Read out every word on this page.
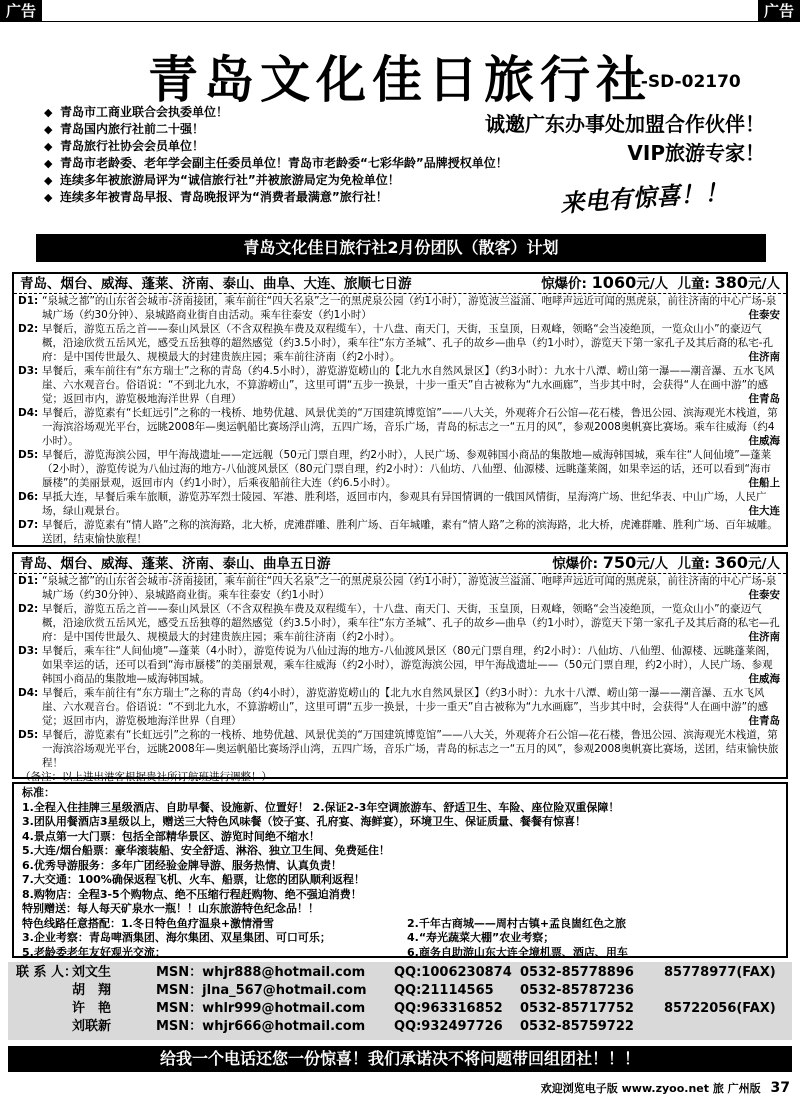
广告	广告
青岛文化佳日旅行社
L-SD-02170
◆ 青岛市工商业联合会执委单位！
◆ 青岛国内旅行社前二十强！
◆ 青岛旅行社协会会员单位！
◆ 青岛市老龄委、老年学会副主任委员单位！青岛市老龄委“七彩华龄”品牌授权单位！
◆ 连续多年被旅游局评为“诚信旅行社”并被旅游局定为免检单位！
◆ 连续多年被青岛早报、青岛晚报评为“消费者最满意”旅行社！
诚邀广东办事处加盟合作伙伴！
VIP旅游专家！
来电有惊喜！！
青岛文化佳日旅行社2月份团队（散客）计划
青岛、烟台、威海、蓬莱、济南、泰山、曲阜、大连、旅顺七日游	惊爆价: 1060元/人 儿童: 380元/人
D1: “泉城之都”的山东省会城市-济南接团，乘车前往“四大名泉”之一的黑虎泉公园（约1小时），游览波兰溢涌、咆哮声远近可闻的黑虎泉，前往济南的中心广场-泉城广场（约30分钟）、泉城路商业街自由活动。乘车往泰安（约1小时）	住泰安
D2: 早餐后，游览五岳之首——泰山风景区（不含双程换车费及双程缆车），十八盘、南天门，天街，玉皇顶，日观峰，领略“会当凌绝顶，一览众山小”的豪迈气概，沿途欣赏五岳风光，感受五岳独尊的超然感觉（约3.5小时），乘车往“东方圣城”、孔子的故乡—曲阜（约1小时），游览天下第一家孔子及其后裔的私宅-孔府：是中国传世最久、规模最大的封建贵族庄园；乘车前往济南（约2小时）。	住济南
D3: 早餐后，乘车前往有“东方瑞士”之称的青岛（约4.5小时），游览游览崂山的【北九水自然风景区】（约3小时）：九水十八潭、崂山第一瀑——潮音瀑、五水飞风崖、六水观音台。俗语说：“不到北九水，不算游崂山”，这里可谓“五步一换景，十步一重天”自古被称为“九水画廊”，当步其中时，会获得“人在画中游”的感觉；返回市内，游览极地海洋世界（自理）	住青岛
D4: 早餐后，游览素有“长虹远引”之称的一栈桥、地势优越、风景优美的“万国建筑博览馆”——八大关，外观蒋介石公馆—花石楼，鲁迅公园、滨海观光木栈道，第一海滨浴场观光平台，远眺2008年—奥运帆船比赛场浮山湾，五四广场，音乐广场，青岛的标志之一“五月的风”，参观2008奥帆赛比赛场。乘车往威海（约4小时）。	住威海
D5: 早餐后，游览海滨公园，甲午海战遗址——定远舰（50元门票自理，约2小时），人民广场、参观韩国小商品的集散地—威海韩国城，乘车往“人间仙境”—蓬莱（2小时），游览传说为八仙过海的地方-八仙渡风景区（80元门票自理，约2小时）：八仙坊、八仙塑、仙源楼、远眺蓬莱阁，如果幸运的话，还可以看到“海市蜃楼”的美丽景观，返回市内（约1小时），后乘夜船前往大连（约6.5小时）。	住船上
D6: 早抵大连，早餐后乘车旅顺，游览苏军烈士陵园、军港、胜利塔，返回市内，参观具有异国情调的一俄国风情街，星海湾广场、世纪华表、中山广场，人民广场，绿山观景台。	住大连
D7: 早餐后，游览素有“情人路”之称的滨海路，北大桥，虎滩群雕、胜利广场、百年城雕，素有“情人路”之称的滨海路，北大桥，虎滩群雕、胜利广场、百年城雕。送团，结束愉快旅程！
青岛、烟台、威海、蓬莱、济南、泰山、曲阜五日游	惊爆价: 750元/人 儿童: 360元/人
D1: “泉城之都”的山东省会城市-济南接团，乘车前往“四大名泉”之一的黑虎泉公园（约1小时），游览波兰溢涌、咆哮声远近可闻的黑虎泉，前往济南的中心广场-泉城广场（约30分钟）、泉城路商业街。乘车往泰安（约1小时）	住泰安
D2: 早餐后，游览五岳之首——泰山风景区（不含双程换车费及双程缆车），十八盘、南天门、天街，玉皇顶，日观峰，领略“会当凌绝顶，一览众山小”的豪迈气概，沿途欣赏五岳风光，感受五岳独尊的超然感觉（约3.5小时），乘车往“东方圣城”、孔子的故乡—曲阜（约1小时），游览天下第一家孔子及其后裔的私宅—孔府：是中国传世最久、规模最大的封建贵族庄园；乘车前往济南（约2小时）。	住济南
D3: 早餐后，乘车往“人间仙境”—蓬莱（4小时），游览传说为八仙过海的地方-八仙渡风景区（80元门票自理，约2小时）：八仙坊、八仙塑、仙源楼、远眺蓬莱阁，如果幸运的话，还可以看到“海市蜃楼”的美丽景观，乘车往威海（约2小时），游览海滨公园，甲午海战遗址——（50元门票自理，约2小时），人民广场、参观韩国小商品的集散地—威海韩国城。	住威海
D4: 早餐后，乘车前往有“东方瑞士”之称的青岛（约4小时），游览游览崂山的【北九水自然风景区】（约3小时）：九水十八潭、崂山第一瀑——潮音瀑、五水飞风崖、六水观音台。俗语说：“不到北九水，不算游崂山”，这里可谓“五步一换景，十步一重天”自古被称为“九水画廊”，当步其中时，会获得“人在画中游”的感觉；返回市内，游览极地海洋世界（自理）	住青岛
D5: 早餐后，游览素有“长虹远引”之称的一栈桥、地势优越、风景优美的“万国建筑博览馆”——八大关，外观蒋介石公馆—花石楼，鲁迅公园、滨海观光木栈道，第一海滨浴场观光平台，远眺2008年—奥运帆船比赛场浮山湾，五四广场，音乐广场，青岛的标志之一“五月的风”，参观2008奥帆赛比赛场，送团，结束愉快旅程！
（备注：以上进出港客根据贵社所订航班进行调整！）
标准：
1.全程入住挂牌三星级酒店、自助早餐、设施新、位置好！ 2.保证2-3年空调旅游车、舒适卫生、车险、座位险双重保障！
3.团队用餐酒店3星级以上，赠送三大特色风味餐（饺子宴、孔府宴、海鲜宴），环境卫生、保证质量、餐餐有惊喜！
4.景点第一大门票：包括全部精华景区、游览时间绝不缩水！
5.大连/烟台船票：豪华滚装船、安全舒适、淋浴、独立卫生间、免费延住！
6.优秀导游服务：多年广团经验金牌导游、服务热情、认真负责！
7.大交通：100%确保返程飞机、火车、船票，让您的团队顺利返程！
8.购物店：全程3-5个购物点、绝不压缩行程赶购物、绝不强迫消费！
特别赠送：每人每天矿泉水一瓶！！山东旅游特色纪念品！！
特色线路任意搭配：1.冬日特色鱼疗温泉+激情滑雪	2.千年古商城——周村古镇+孟良崮红色之旅
3.企业考察：青岛啤酒集团、海尔集团、双星集团、可口可乐；	4.“寿光蔬菜大棚”农业考察；
5.老龄委老年友好观光交流；	6.商务自助游山东大连全境机票、酒店、用车
联 系 人：
刘文生	MSN：whjr888@hotmail.com QQ:1006230874 0532-85778896 85778977(FAX)
胡　翔	MSN：jlna_567@hotmail.com QQ:21114565 0532-85787236
许　艳	MSN：whlr999@hotmail.com QQ:963316852 0532-85717752 85722056(FAX)
刘联新	MSN：whjr666@hotmail.com QQ:932497726 0532-85759722
给我一个电话还您一份惊喜！我们承诺决不将问题带回组团社！！！
欢迎浏览电子版 www.zyoo.net 旅 广州版 37
